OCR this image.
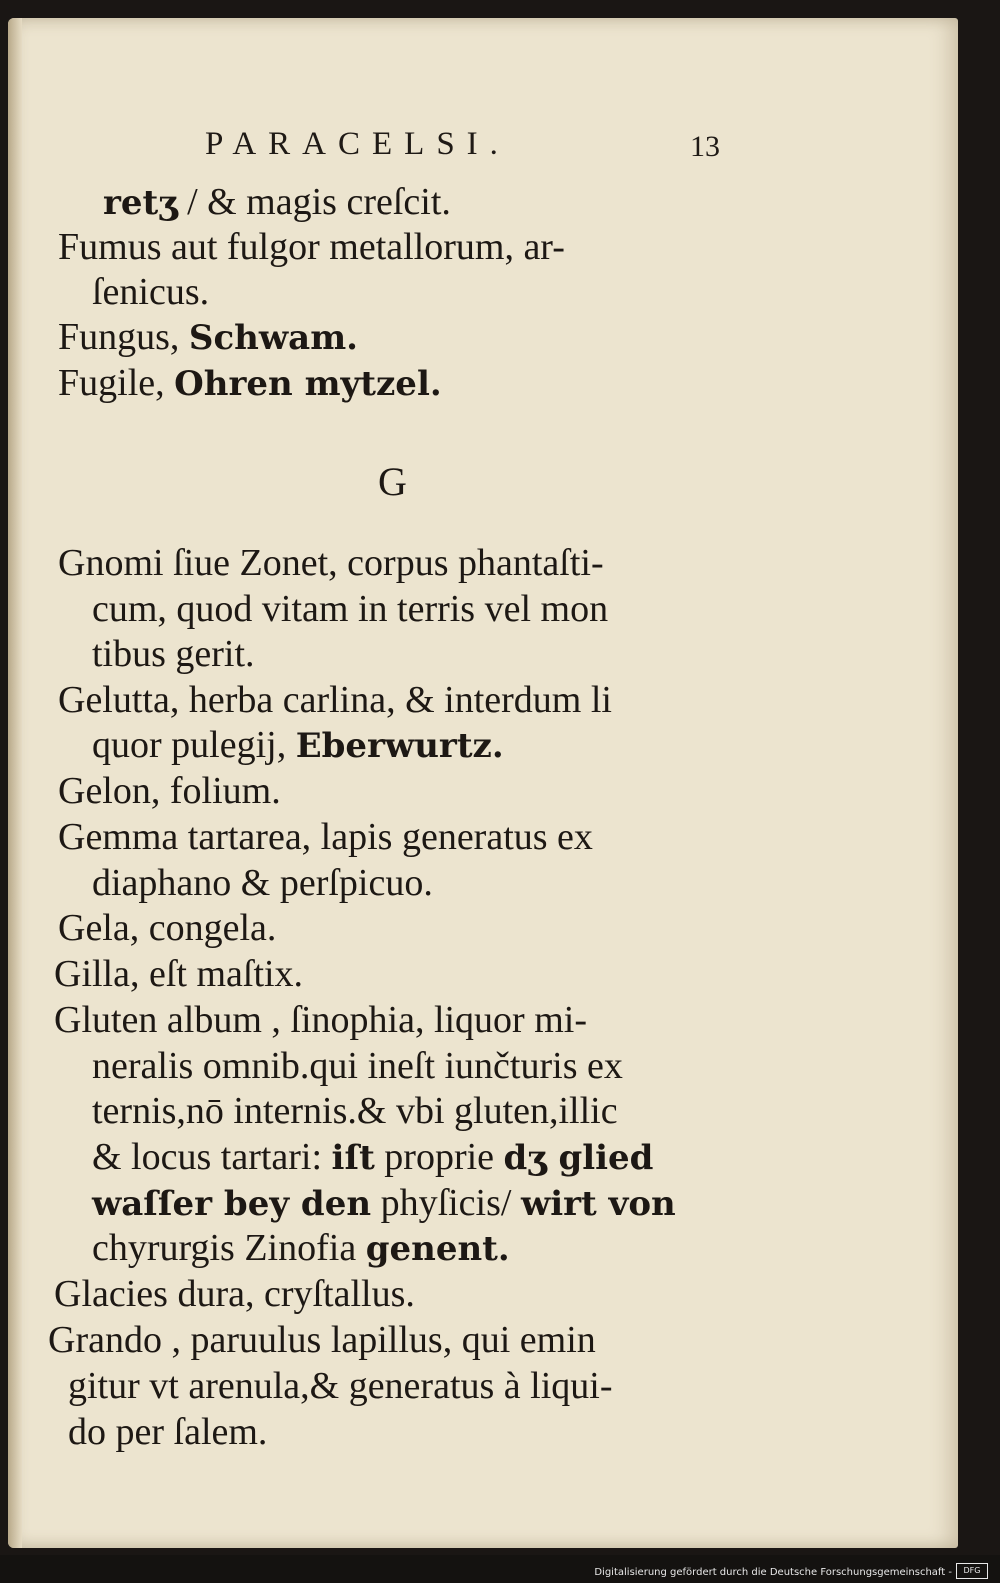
PARACELSI.	13
G
retʒ / & magis creſcit.
Fumus aut fulgor metallorum, ar-
ſenicus.
Fungus, Schwam.
Fugile, Ohren mytzel.
Gnomi ſiue Zonet, corpus phantaſti-
cum, quod vitam in terris vel mon
tibus gerit.
Gelutta, herba carlina, & interdum li
quor pulegij, Eberwurtz.
Gelon, folium.
Gemma tartarea, lapis generatus ex
diaphano & perſpicuo.
Gela, congela.
Gilla, eſt maſtix.
Gluten album , ſinophia, liquor mi-
neralis omnib.qui ineſt iunčturis ex
ternis,nō internis.& vbi gluten,illic
& locus tartari: iſt proprie dʒ glied
waſſer bey den phyſicis/ wirt von
chyrurgis Zinofia genent.
Glacies dura, cryſtallus.
Grando , paruulus lapillus, qui emin
gitur vt arenula,& generatus à liqui-
do per ſalem.
Digitalisierung gefördert durch die Deutsche Forschungsgemeinschaft -	DFG
